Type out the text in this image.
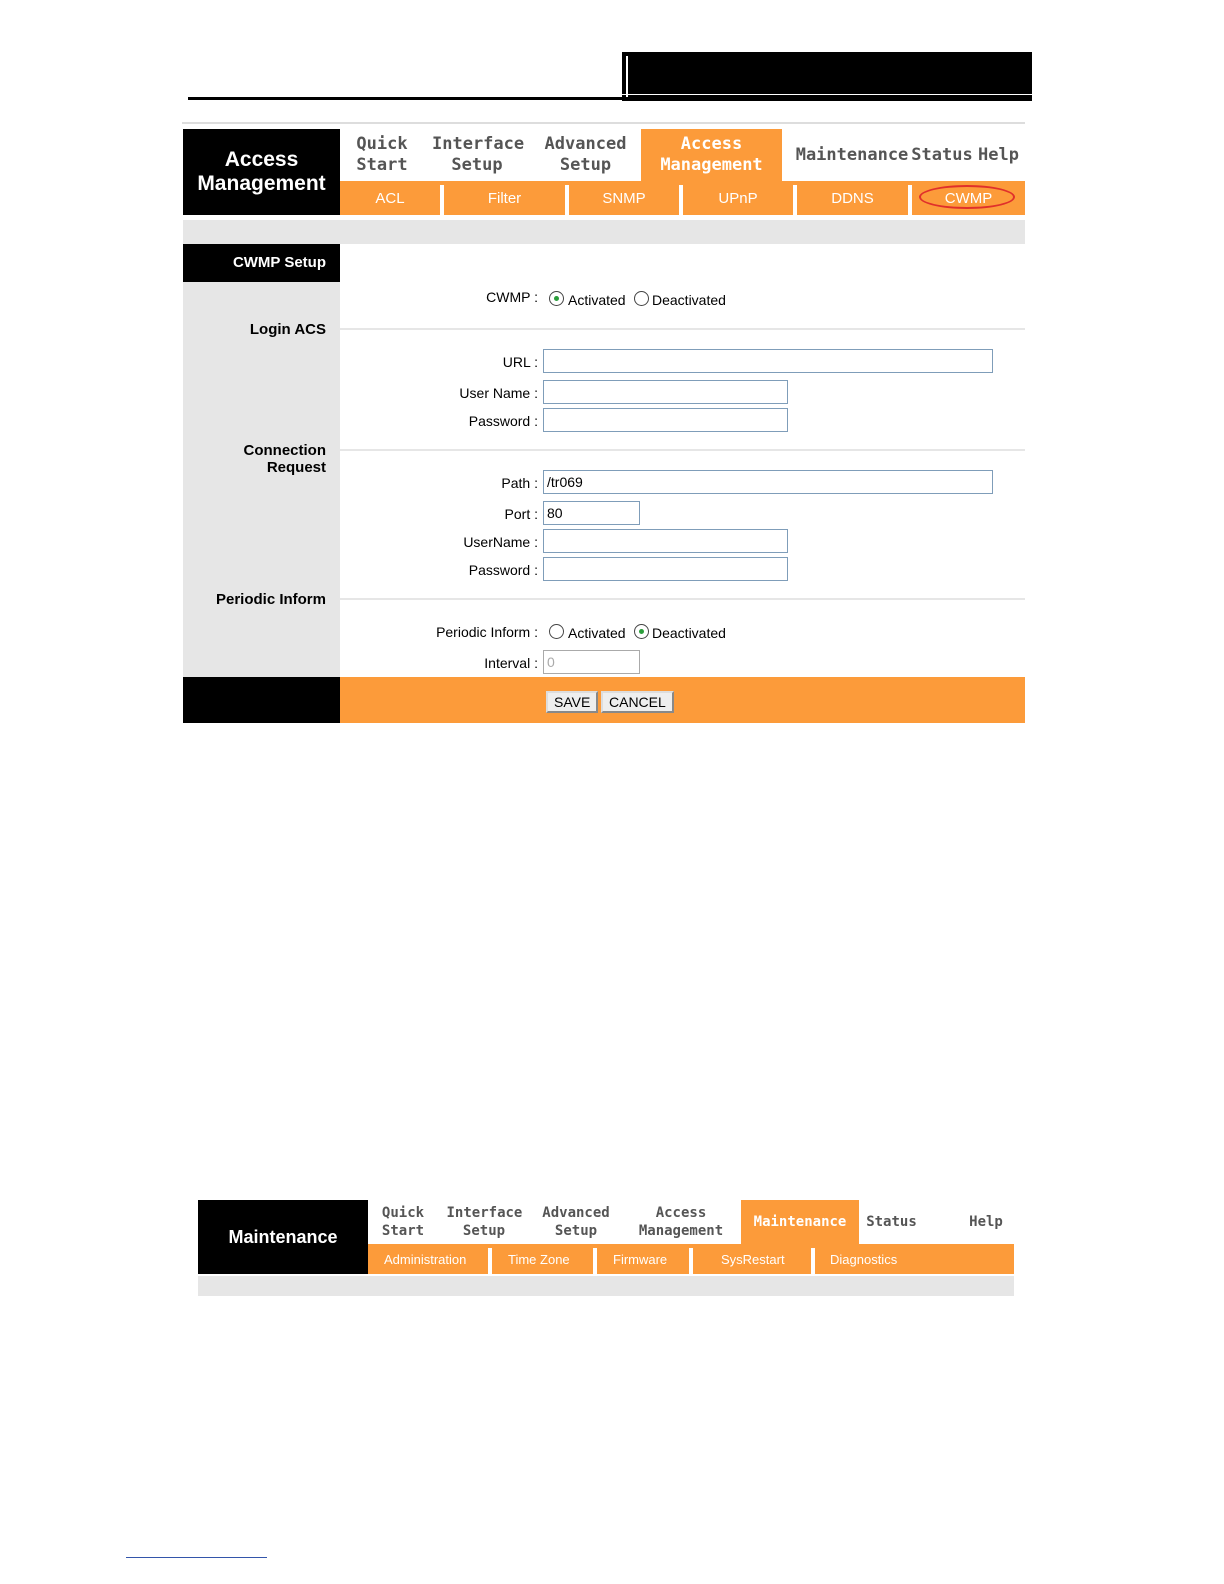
Access Management
Quick Start
Interface Setup
Advanced Setup
Access Management
Maintenance Status Help
ACL	Filter	SNMP	UPnP	DDNS	CWMP
CWMP Setup
CWMP : Activated Deactivated
Login ACS
URL :
User Name :
Password :
Connection Request
Path : /tr069
Port : 80
UserName :
Password :
Periodic Inform
Periodic Inform : Activated Deactivated
Interval : 0
SAVE	CANCEL
Maintenance
Quick Start
Interface Setup
Advanced Setup
Access Management
Maintenance Status	Help
Administration	Time Zone	Firmware	SysRestart	Diagnostics
